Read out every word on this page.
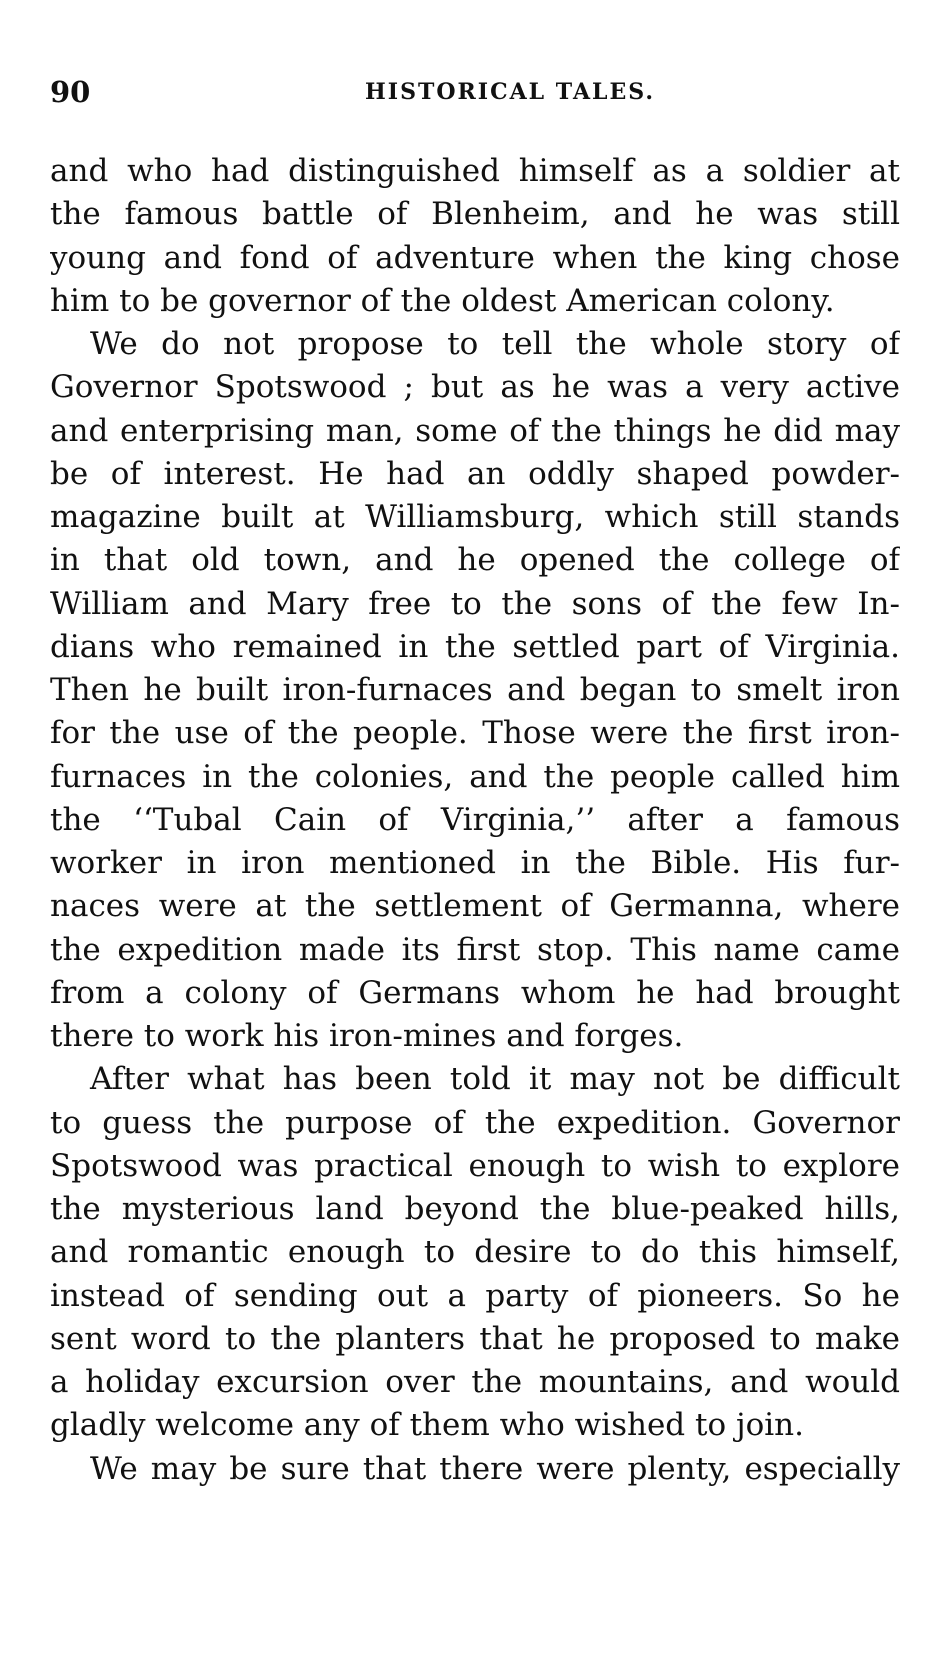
90	HISTORICAL TALES.
and who had distinguished himself as a soldier at
the famous battle of Blenheim, and he was still
young and fond of adventure when the king chose
him to be governor of the oldest American colony.
We do not propose to tell the whole story of
Governor Spotswood ; but as he was a very active
and enterprising man, some of the things he did may
be of interest. He had an oddly shaped powder-
magazine built at Williamsburg, which still stands
in that old town, and he opened the college of
William and Mary free to the sons of the few In-
dians who remained in the settled part of Virginia.
Then he built iron-furnaces and began to smelt iron
for the use of the people. Those were the first iron-
furnaces in the colonies, and the people called him
the ‘‘Tubal Cain of Virginia,’’ after a famous
worker in iron mentioned in the Bible. His fur-
naces were at the settlement of Germanna, where
the expedition made its first stop. This name came
from a colony of Germans whom he had brought
there to work his iron-mines and forges.
After what has been told it may not be difficult
to guess the purpose of the expedition. Governor
Spotswood was practical enough to wish to explore
the mysterious land beyond the blue-peaked hills,
and romantic enough to desire to do this himself,
instead of sending out a party of pioneers. So he
sent word to the planters that he proposed to make
a holiday excursion over the mountains, and would
gladly welcome any of them who wished to join.
We may be sure that there were plenty, especially
